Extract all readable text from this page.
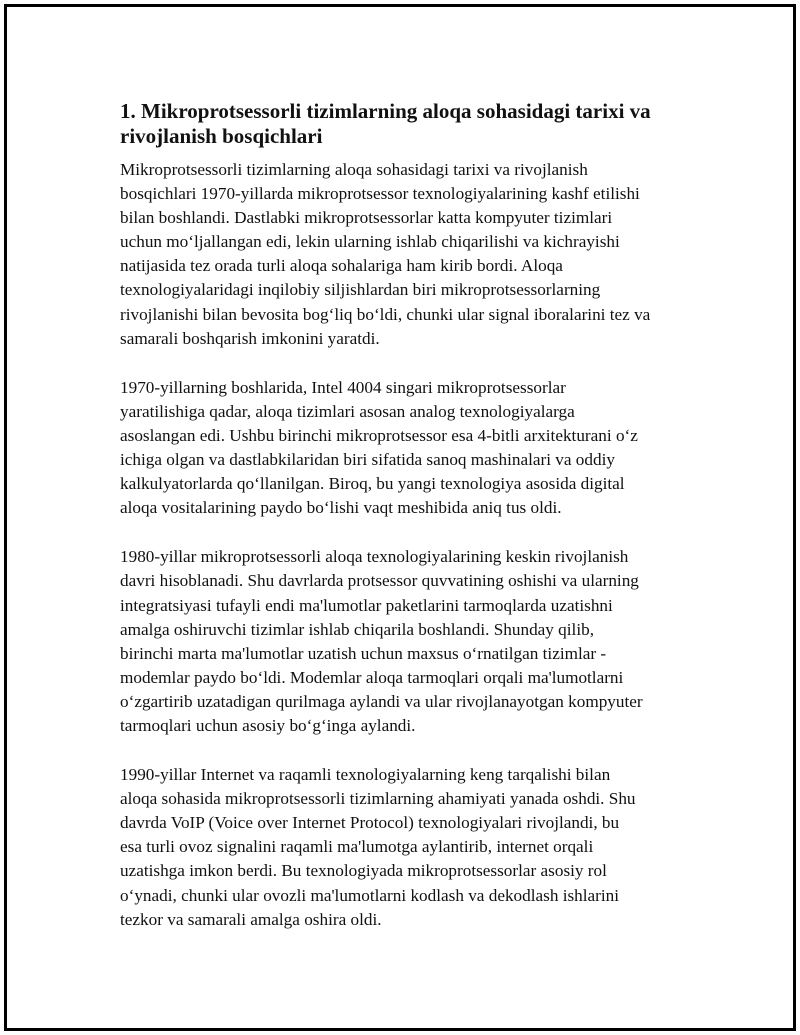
1. Mikroprotsessorli tizimlarning aloqa sohasidagi tarixi va
rivojlanish bosqichlari

Mikroprotsessorli tizimlarning aloqa sohasidagi tarixi va rivojlanish
bosqichlari 1970-yillarda mikroprotsessor texnologiyalarining kashf etilishi
bilan boshlandi. Dastlabki mikroprotsessorlar katta kompyuter tizimlari
uchun moʻljallangan edi, lekin ularning ishlab chiqarilishi va kichrayishi
natijasida tez orada turli aloqa sohalariga ham kirib bordi. Aloqa
texnologiyalaridagi inqilobiy siljishlardan biri mikroprotsessorlarning
rivojlanishi bilan bevosita bogʻliq boʻldi, chunki ular signal iboralarini tez va
samarali boshqarish imkonini yaratdi.

1970-yillarning boshlarida, Intel 4004 singari mikroprotsessorlar
yaratilishiga qadar, aloqa tizimlari asosan analog texnologiyalarga
asoslangan edi. Ushbu birinchi mikroprotsessor esa 4-bitli arxitekturani oʻz
ichiga olgan va dastlabkilaridan biri sifatida sanoq mashinalari va oddiy
kalkulyatorlarda qoʻllanilgan. Biroq, bu yangi texnologiya asosida digital
aloqa vositalarining paydo boʻlishi vaqt meshibida aniq tus oldi.

1980-yillar mikroprotsessorli aloqa texnologiyalarining keskin rivojlanish
davri hisoblanadi. Shu davrlarda protsessor quvvatining oshishi va ularning
integratsiyasi tufayli endi ma'lumotlar paketlarini tarmoqlarda uzatishni
amalga oshiruvchi tizimlar ishlab chiqarila boshlandi. Shunday qilib,
birinchi marta ma'lumotlar uzatish uchun maxsus oʻrnatilgan tizimlar -
modemlar paydo boʻldi. Modemlar aloqa tarmoqlari orqali ma'lumotlarni
oʻzgartirib uzatadigan qurilmaga aylandi va ular rivojlanayotgan kompyuter
tarmoqlari uchun asosiy boʻgʻinga aylandi.

1990-yillar Internet va raqamli texnologiyalarning keng tarqalishi bilan
aloqa sohasida mikroprotsessorli tizimlarning ahamiyati yanada oshdi. Shu
davrda VoIP (Voice over Internet Protocol) texnologiyalari rivojlandi, bu
esa turli ovoz signalini raqamli ma'lumotga aylantirib, internet orqali
uzatishga imkon berdi. Bu texnologiyada mikroprotsessorlar asosiy rol
oʻynadi, chunki ular ovozli ma'lumotlarni kodlash va dekodlash ishlarini
tezkor va samarali amalga oshira oldi.
